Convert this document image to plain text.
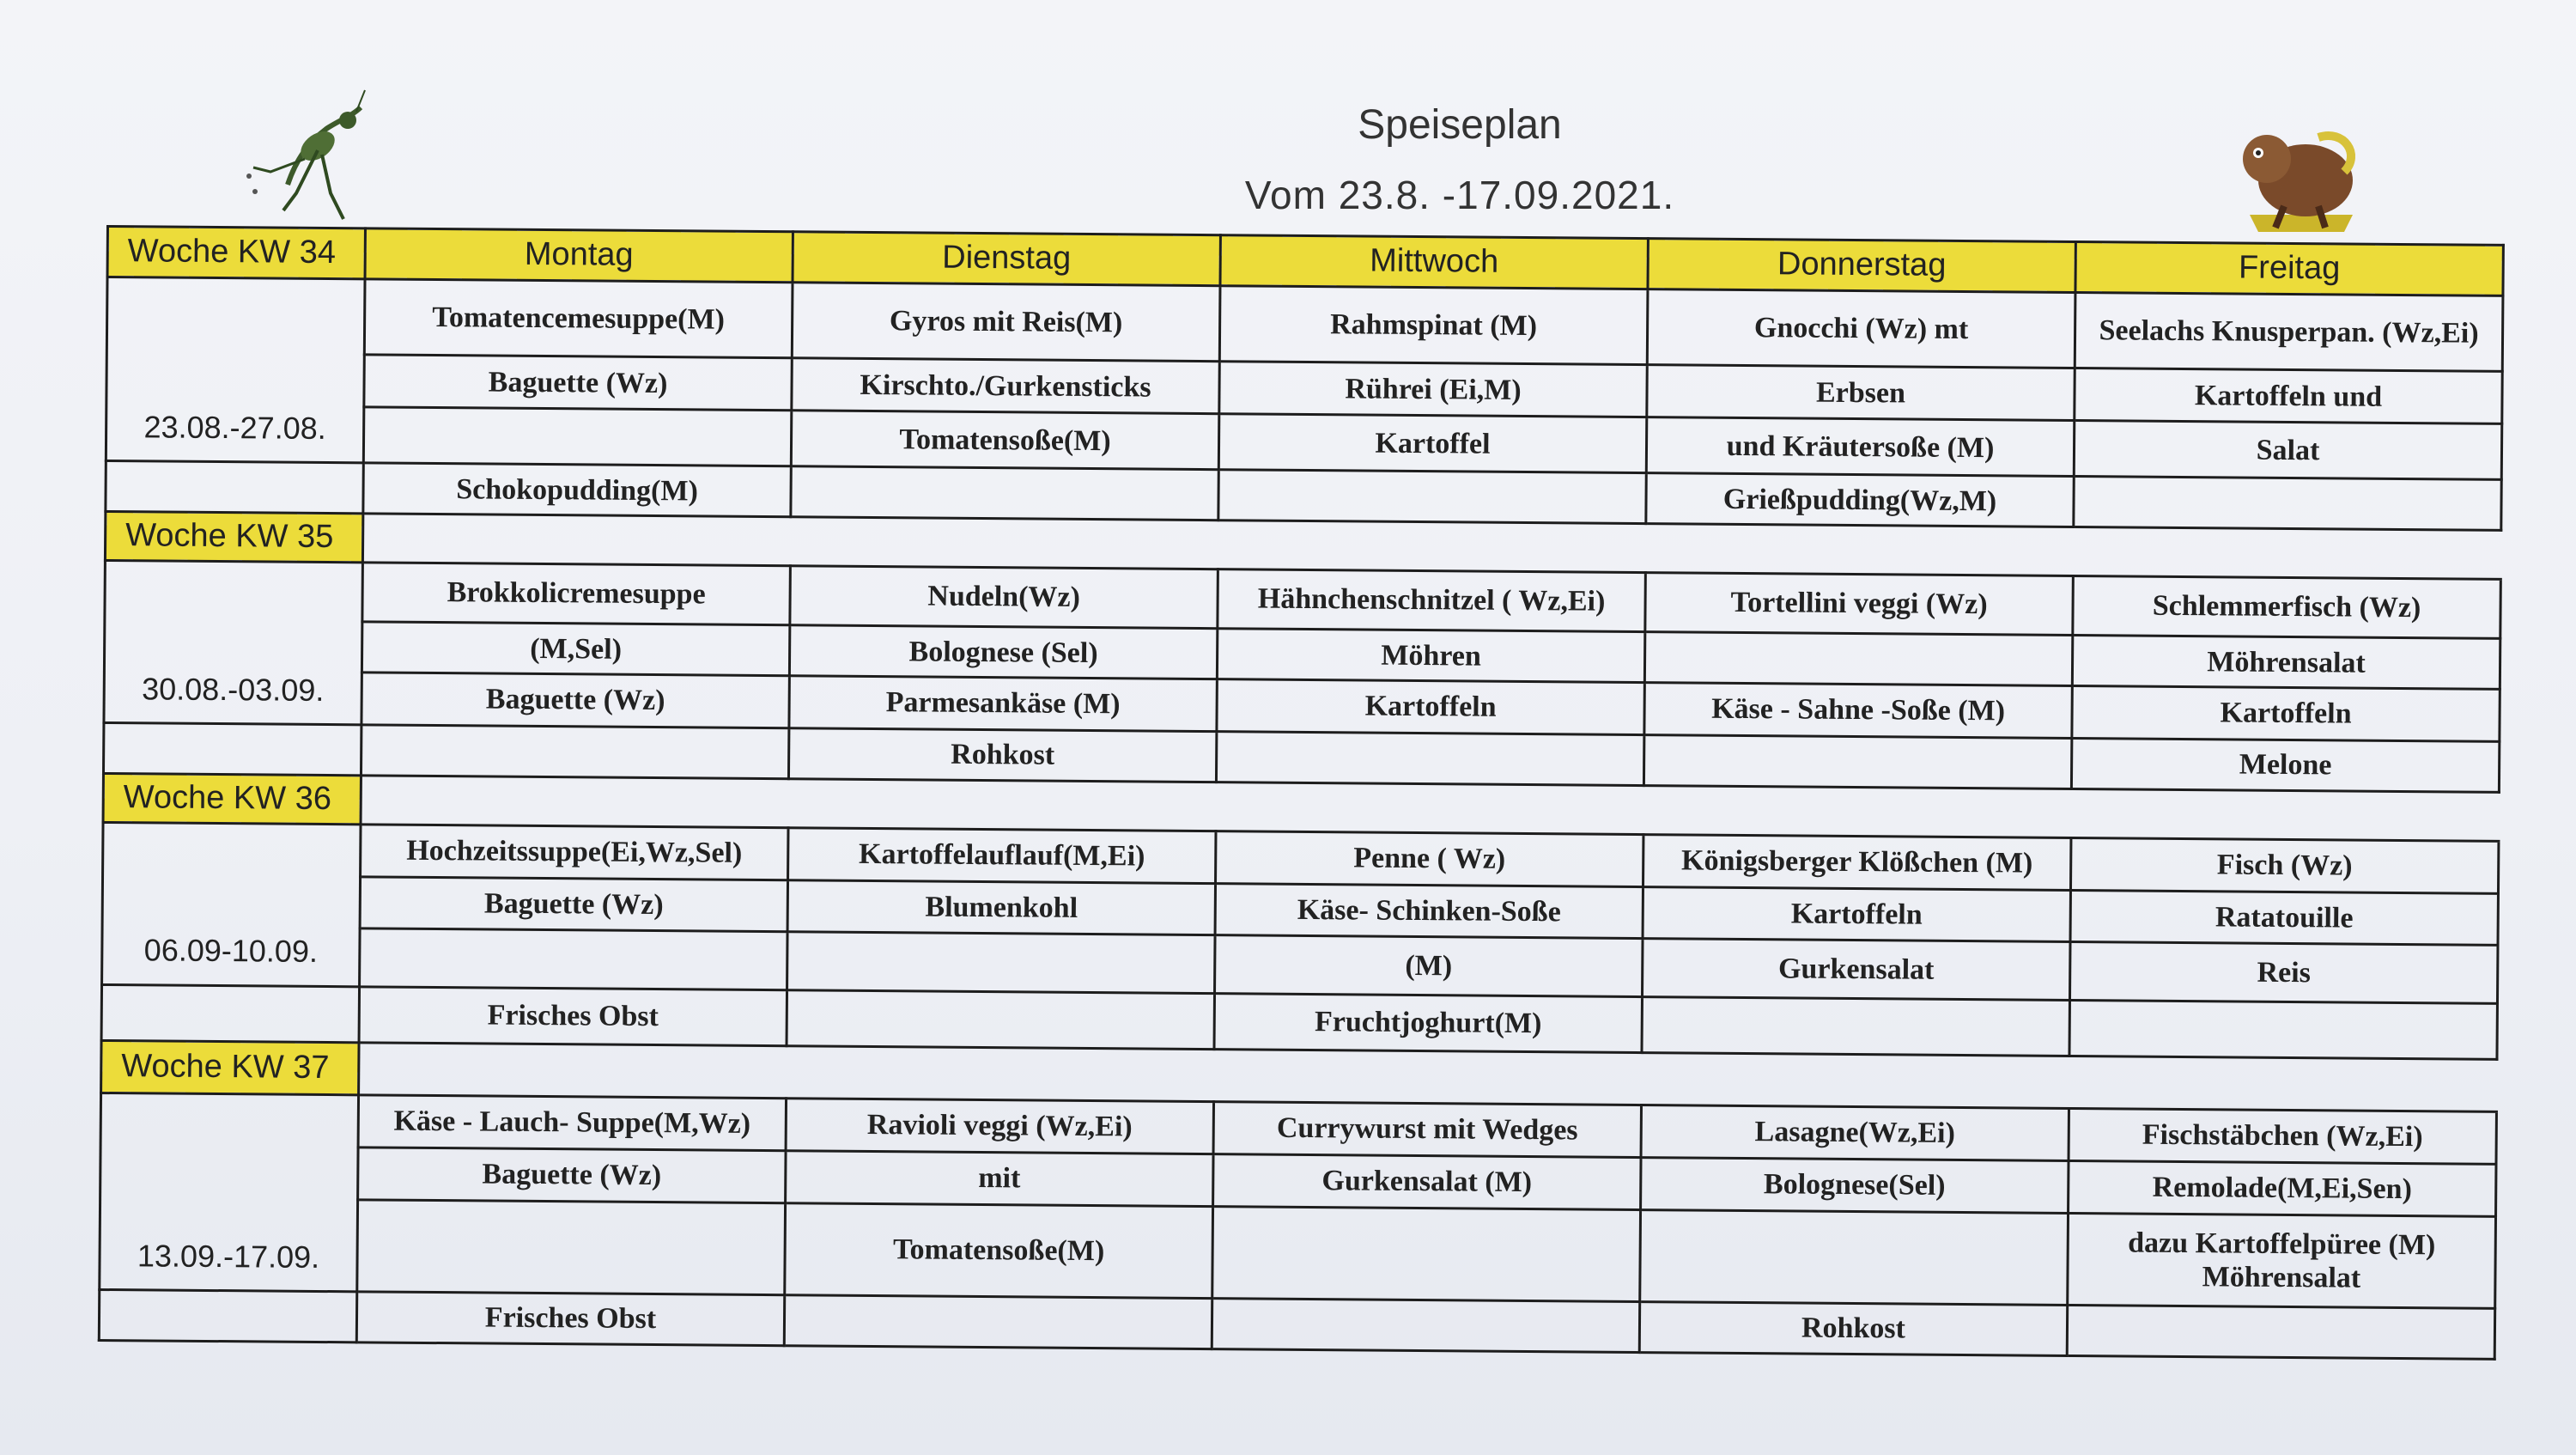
Speiseplan
Vom 23.8. -17.09.2021.
Woche KW 34	Montag	Dienstag	Mittwoch	Donnerstag	Freitag
23.08.-27.08.	Tomatencemesuppe(M)	Gyros mit Reis(M)	Rahmspinat (M)	Gnocchi (Wz) mt	Seelachs Knusperpan. (Wz,Ei)
	Baguette (Wz)	Kirschto./Gurkensticks	Rührei (Ei,M)	Erbsen	Kartoffeln und
		Tomatensoße(M)	Kartoffel	und Kräutersoße (M)	Salat
	Schokopudding(M)			Grießpudding(Wz,M)	
Woche KW 35					
30.08.-03.09.	Brokkolicremesuppe	Nudeln(Wz)	Hähnchenschnitzel ( Wz,Ei)	Tortellini veggi (Wz)	Schlemmerfisch (Wz)
	(M,Sel)	Bolognese (Sel)	Möhren		Möhrensalat
	Baguette (Wz)	Parmesankäse (M)	Kartoffeln	Käse - Sahne -Soße (M)	Kartoffeln
		Rohkost			Melone
Woche KW 36					
06.09-10.09.	Hochzeitssuppe(Ei,Wz,Sel)	Kartoffelauflauf(M,Ei)	Penne ( Wz)	Königsberger Klößchen (M)	Fisch (Wz)
	Baguette (Wz)	Blumenkohl	Käse- Schinken-Soße	Kartoffeln	Ratatouille
			(M)	Gurkensalat	Reis
	Frisches Obst		Fruchtjoghurt(M)		
Woche KW 37					
13.09.-17.09.	Käse - Lauch- Suppe(M,Wz)	Ravioli veggi (Wz,Ei)	Currywurst mit Wedges	Lasagne(Wz,Ei)	Fischstäbchen (Wz,Ei)
	Baguette (Wz)	mit	Gurkensalat (M)	Bolognese(Sel)	Remolade(M,Ei,Sen)
		Tomatensoße(M)			dazu Kartoffelpüree (M) Möhrensalat
	Frisches Obst			Rohkost	
